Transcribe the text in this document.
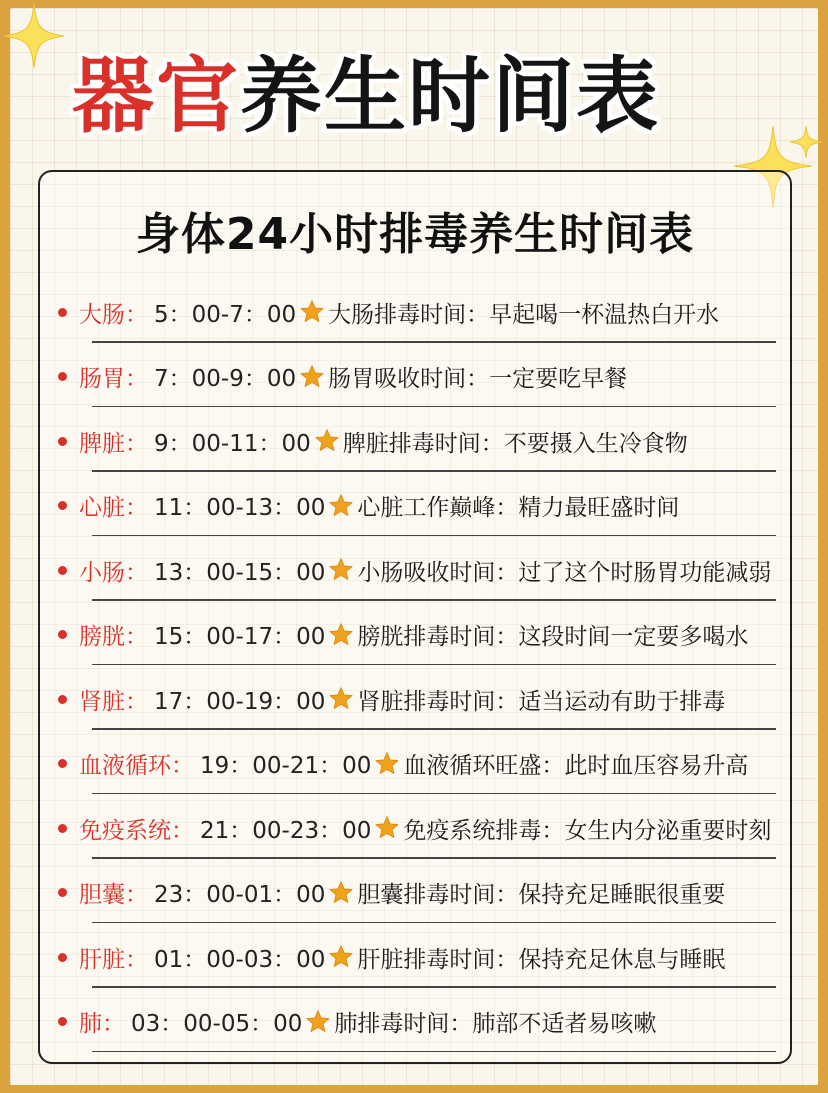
器官养生时间表
身体24小时排毒养生时间表
大肠： 5：00-7：00 大肠排毒时间：早起喝一杯温热白开水
肠胃： 7：00-9：00 肠胃吸收时间：一定要吃早餐
脾脏： 9：00-11：00 脾脏排毒时间：不要摄入生冷食物
心脏： 11：00-13：00 心脏工作巅峰：精力最旺盛时间
小肠： 13：00-15：00 小肠吸收时间：过了这个时肠胃功能减弱
膀胱： 15：00-17：00 膀胱排毒时间：这段时间一定要多喝水
肾脏： 17：00-19：00 肾脏排毒时间：适当运动有助于排毒
血液循环： 19：00-21：00 血液循环旺盛：此时血压容易升高
免疫系统： 21：00-23：00 免疫系统排毒：女生内分泌重要时刻
胆囊： 23：00-01：00 胆囊排毒时间：保持充足睡眠很重要
肝脏： 01：00-03：00 肝脏排毒时间：保持充足休息与睡眠
肺： 03：00-05：00 肺排毒时间：肺部不适者易咳嗽
